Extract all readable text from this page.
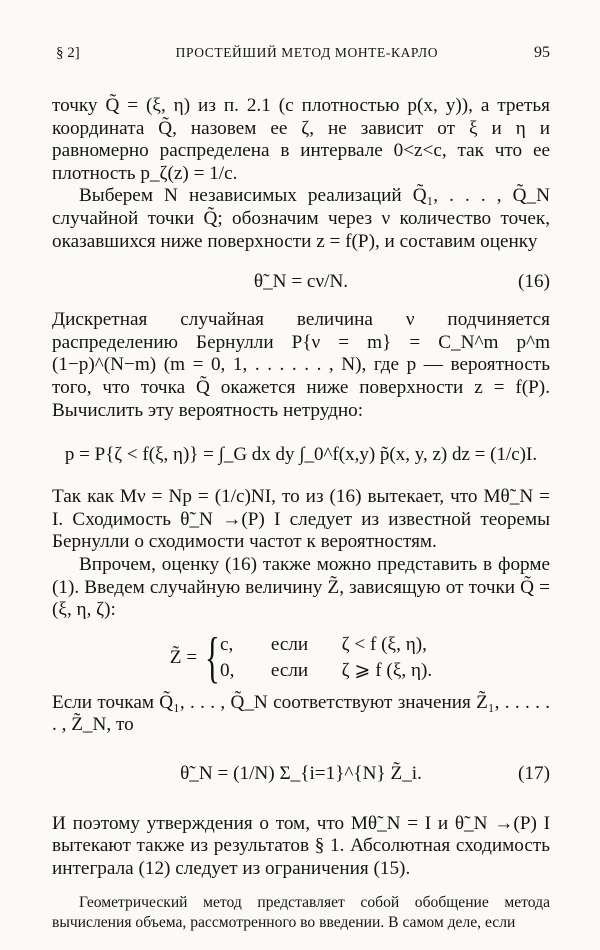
§ 2]	ПРОСТЕЙШИЙ МЕТОД МОНТЕ-КАРЛО	95

точку Q̃ = (ξ, η) из п. 2.1 (с плотностью p(x, y)), а третья координата Q̃, назовем ее ζ, не зависит от ξ и η и равномерно распределена в интервале 0<z<c, так что ее плотность p_ζ(z) = 1/c.

Выберем N независимых реализаций Q̃₁, . . . , Q̃_N случайной точки Q̃; обозначим через ν количество точек, оказавшихся ниже поверхности z = f(P), и составим оценку

θ̃_N = cν/N.	(16)

Дискретная случайная величина ν подчиняется распределению Бернулли P{ν = m} = C_N^m p^m (1−p)^(N−m) (m = 0, 1, . . . . . . , N), где p — вероятность того, что точка Q̃ окажется ниже поверхности z = f(P). Вычислить эту вероятность нетрудно:

p = P{ζ < f(ξ, η)} = ∫_G dx dy ∫_0^f(x,y) p̃(x, y, z) dz = (1/c)I.

Так как Mν = Np = (1/c)NI, то из (16) вытекает, что Mθ̃_N = I. Сходимость θ̃_N →(P) I следует из известной теоремы Бернулли о сходимости частот к вероятностям.

Впрочем, оценку (16) также можно представить в форме (1). Введем случайную величину Z̃, зависящую от точки Q̃ = (ξ, η, ζ):

Z̃ = { c, если ζ < f (ξ, η),
0, если ζ ⩾ f (ξ, η).

Если точкам Q̃₁, . . . , Q̃_N соответствуют значения Z̃₁, . . . . . . , Z̃_N, то

θ̃_N = (1/N) Σ_{i=1}^{N} Z̃_i.	(17)

И поэтому утверждения о том, что Mθ̃_N = I и θ̃_N →(P) I вытекают также из результатов § 1. Абсолютная сходимость интеграла (12) следует из ограничения (15).

Геометрический метод представляет собой обобщение метода вычисления объема, рассмотренного во введении. В самом деле, если
